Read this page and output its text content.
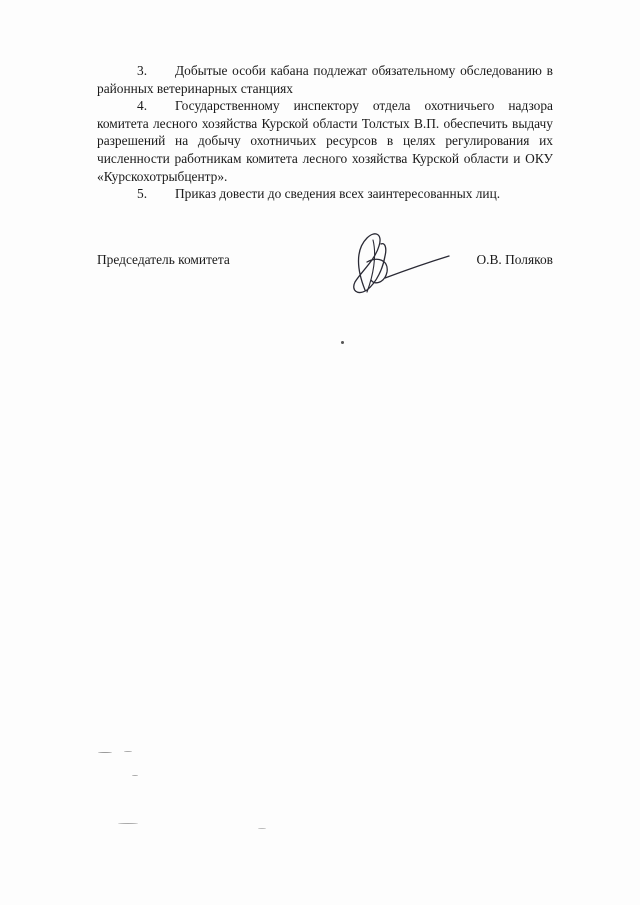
3. Добытые особи кабана подлежат обязательному обследованию в районных ветеринарных станциях

4. Государственному инспектору отдела охотничьего надзора комитета лесного хозяйства Курской области Толстых В.П. обеспечить выдачу разрешений на добычу охотничьих ресурсов в целях регулирования их численности работникам комитета лесного хозяйства Курской области и ОКУ «Курскохотрыбцентр».

5. Приказ довести до сведения всех заинтересованных лиц.

Председатель комитета	О.В. Поляков
